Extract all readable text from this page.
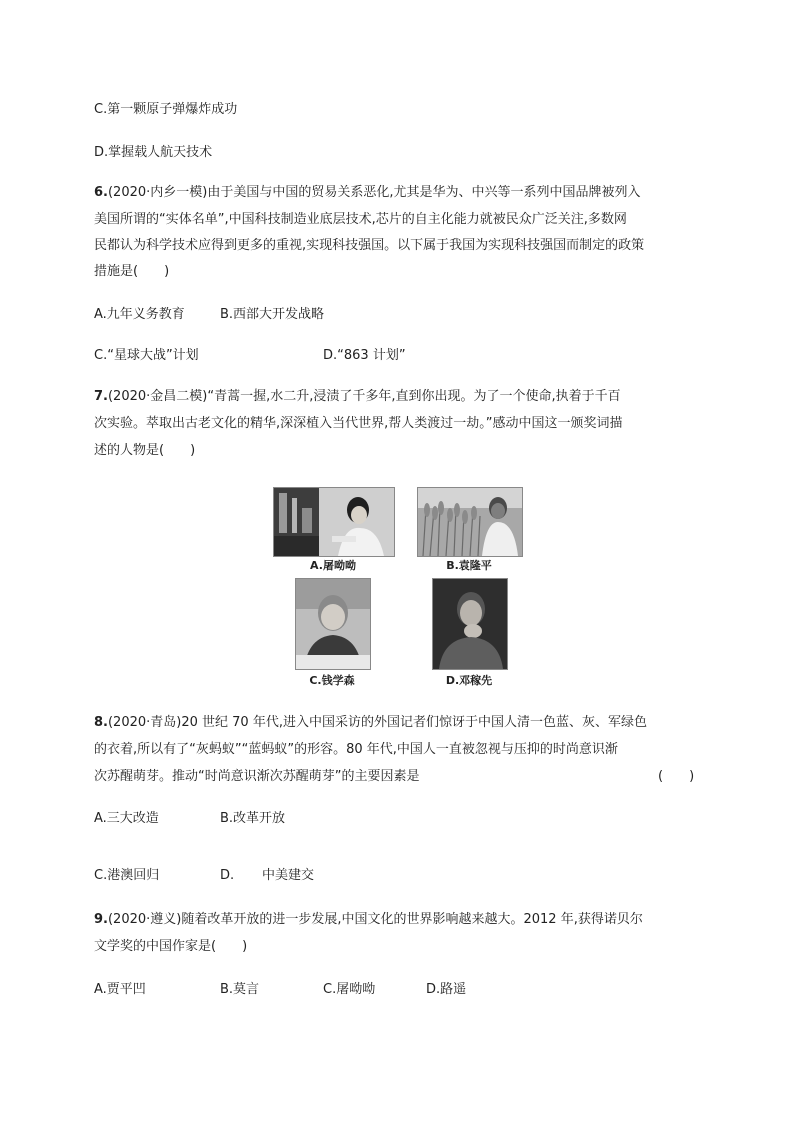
C.第一颗原子弹爆炸成功
D.掌握载人航天技术
6.(2020·内乡一模)由于美国与中国的贸易关系恶化,尤其是华为、中兴等一系列中国品牌被列入
美国所谓的“实体名单”,中国科技制造业底层技术,芯片的自主化能力就被民众广泛关注,多数网
民都认为科学技术应得到更多的重视,实现科技强国。以下属于我国为实现科技强国而制定的政策
措施是(　　)
A.九年义务教育	B.西部大开发战略
C.“星球大战”计划	D.“863 计划”
7.(2020·金昌二模)“青蒿一握,水二升,浸渍了千多年,直到你出现。为了一个使命,执着于千百
次实验。萃取出古老文化的精华,深深植入当代世界,帮人类渡过一劫。”感动中国这一颁奖词描
述的人物是(　　)
A.屠呦呦	B.袁隆平
C.钱学森	D.邓稼先
8.(2020·青岛)20 世纪 70 年代,进入中国采访的外国记者们惊讶于中国人清一色蓝、灰、军绿色
的衣着,所以有了“灰蚂蚁”“蓝蚂蚁”的形容。80 年代,中国人一直被忽视与压抑的时尚意识渐
次苏醒萌芽。推动“时尚意识渐次苏醒萌芽”的主要因素是	(　　)
A.三大改造	B.改革开放
C.港澳回归	D. 中美建交
9.(2020·遵义)随着改革开放的进一步发展,中国文化的世界影响越来越大。2012 年,获得诺贝尔
文学奖的中国作家是(　　)
A.贾平凹	B.莫言	C.屠呦呦	D.路遥
